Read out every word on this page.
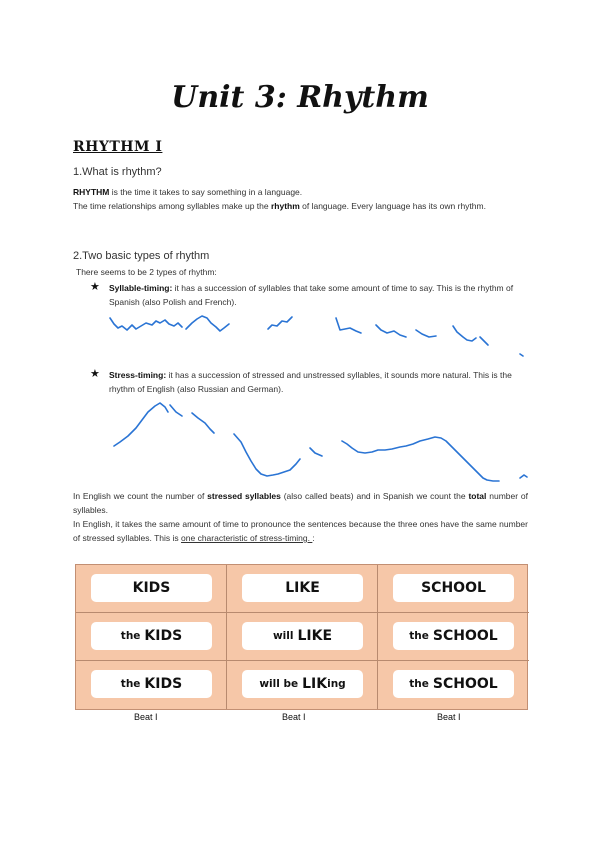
Unit 3: Rhythm
RHYTHM I
1.What is rhythm?
RHYTHM is the time it takes to say something in a language.
The time relationships among syllables make up the rhythm of language. Every language has its own rhythm.
2.Two basic types of rhythm
There seems to be 2 types of rhythm:
★ Syllable-timing: it has a succession of syllables that take some amount of time to say. This is the rhythm of Spanish (also Polish and French).
★ Stress-timing: it has a succession of stressed and unstressed syllables, it sounds more natural. This is the rhythm of English (also Russian and German).
In English we count the number of stressed syllables (also called beats) and in Spanish we count the total number of syllables.
In English, it takes the same amount of time to pronounce the sentences because the three ones have the same number of stressed syllables. This is one characteristic of stress-timing. :
KIDS	LIKE	SCHOOL
the KIDS	will LIKE	the SCHOOL
the KIDS	will be LIK ing	the SCHOOL
Beat I	Beat I	Beat I
